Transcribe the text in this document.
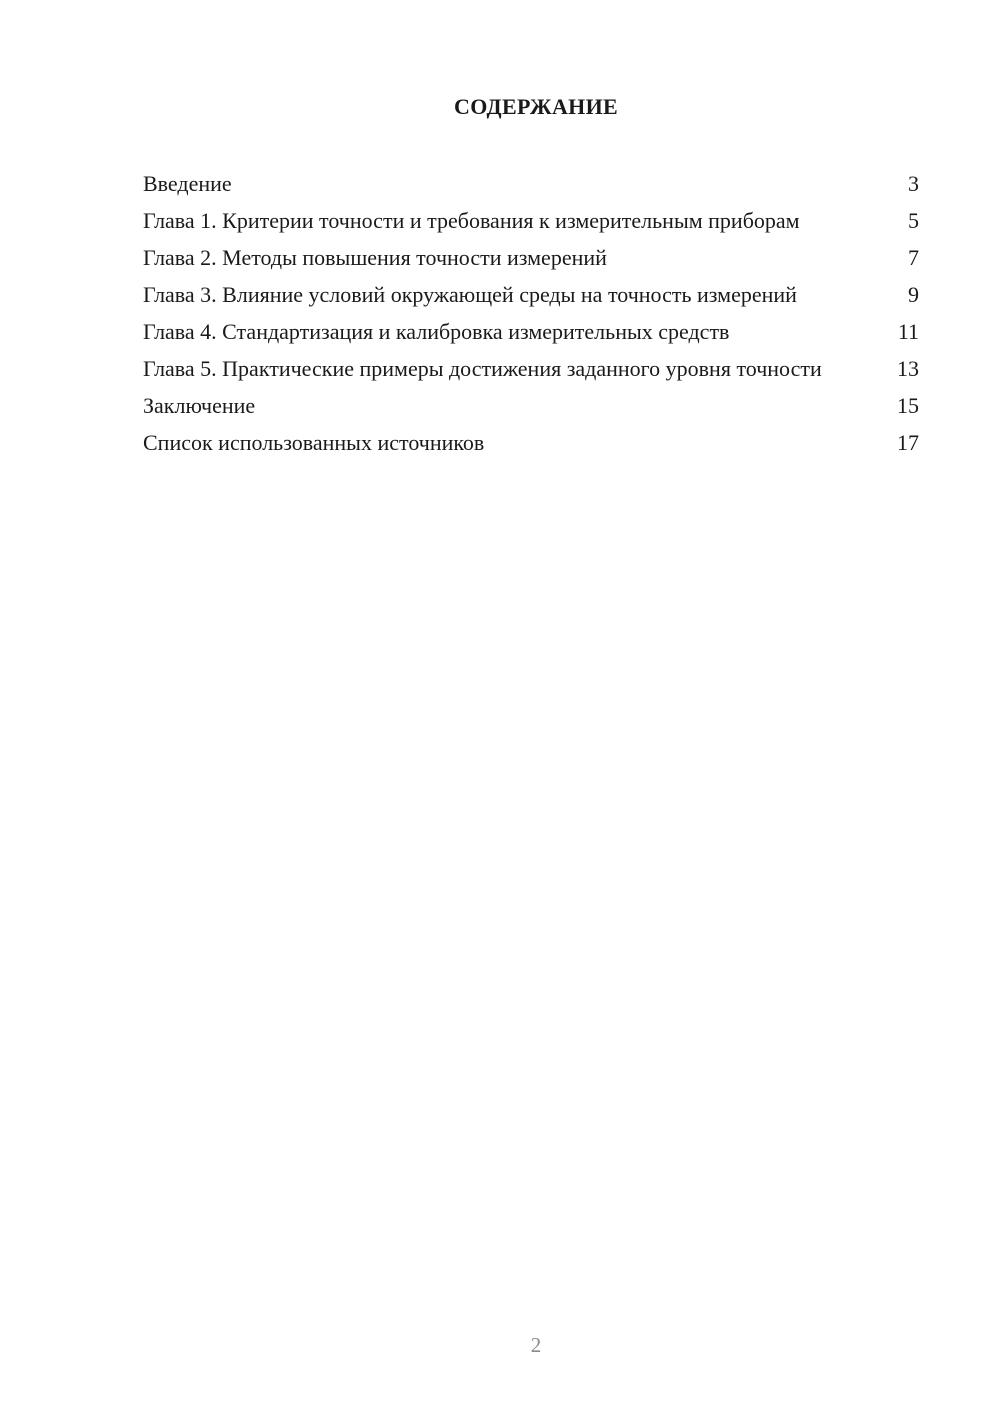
СОДЕРЖАНИЕ
Введение	3
Глава 1. Критерии точности и требования к измерительным приборам	5
Глава 2. Методы повышения точности измерений	7
Глава 3. Влияние условий окружающей среды на точность измерений	9
Глава 4. Стандартизация и калибровка измерительных средств	11
Глава 5. Практические примеры достижения заданного уровня точности	13
Заключение	15
Список использованных источников	17
2
